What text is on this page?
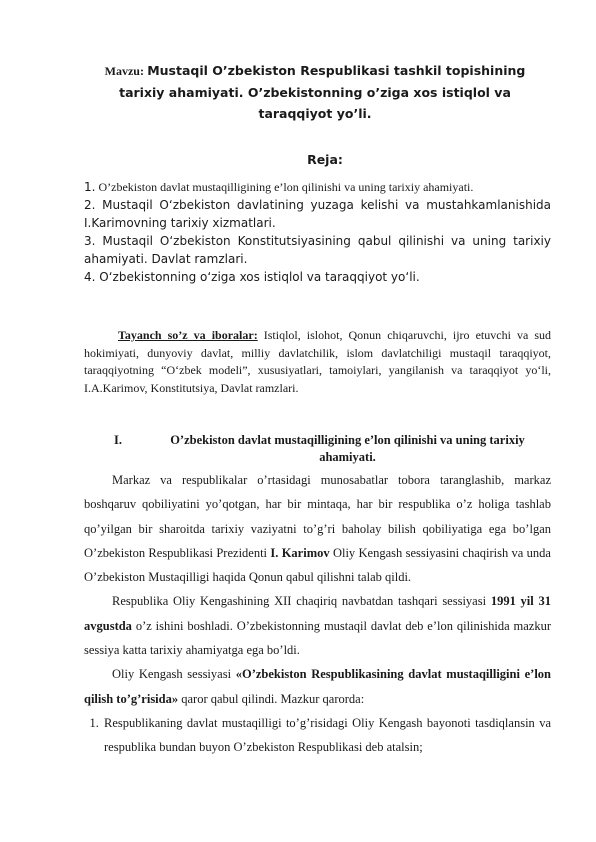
Mavzu: Mustaqil O’zbekiston Respublikasi tashkil topishining tarixiy ahamiyati. O’zbekistonning o’ziga xos istiqlol va taraqqiyot yo’li.
Reja:
1. O’zbekiston davlat mustaqilligining e’lon qilinishi va uning tarixiy ahamiyati.
2. Mustaqil O‘zbekiston davlatining yuzaga kelishi va mustahkamlanishida I.Karimovning tarixiy xizmatlari.
3. Mustaqil O‘zbekiston Konstitutsiyasining qabul qilinishi va uning tarixiy ahamiyati. Davlat ramzlari.
4. O‘zbekistonning o‘ziga xos istiqlol va taraqqiyot yo‘li.
Tayanch so’z va iboralar: Istiqlol, islohot, Qonun chiqaruvchi, ijro etuvchi va sud hokimiyati, dunyoviy davlat, milliy davlatchilik, islom davlatchiligi mustaqil taraqqiyot, taraqqiyotning “O‘zbek modeli”, xususiyatlari, tamoiylari, yangilanish va taraqqiyot yo‘li, I.A.Karimov, Konstitutsiya, Davlat ramzlari.
I.	O’zbekiston davlat mustaqilligining e’lon qilinishi va uning tarixiy ahamiyati.

Markaz va respublikalar o’rtasidagi munosabatlar tobora taranglashib, markaz boshqaruv qobiliyatini yo’qotgan, har bir mintaqa, har bir respublika o’z holiga tashlab qo’yilgan bir sharoitda tarixiy vaziyatni to’g’ri baholay bilish qobiliyatiga ega bo’lgan O’zbekiston Respublikasi Prezidenti I. Karimov Oliy Kengash sessiyasini chaqirish va unda O’zbekiston Mustaqilligi haqida Qonun qabul qilishni talab qildi.

Respublika Oliy Kengashining XII chaqiriq navbatdan tashqari sessiyasi 1991 yil 31 avgustda o’z ishini boshladi. O’zbekistonning mustaqil davlat deb e’lon qilinishida mazkur sessiya katta tarixiy ahamiyatga ega bo’ldi.

Oliy Kengash sessiyasi «O’zbekiston Respublikasining davlat mustaqilligini e’lon qilish to’g’risida» qaror qabul qilindi. Mazkur qarorda:

1. Respublikaning davlat mustaqilligi to’g’risidagi Oliy Kengash bayonoti tasdiqlansin va respublika bundan buyon O’zbekiston Respublikasi deb atalsin;
